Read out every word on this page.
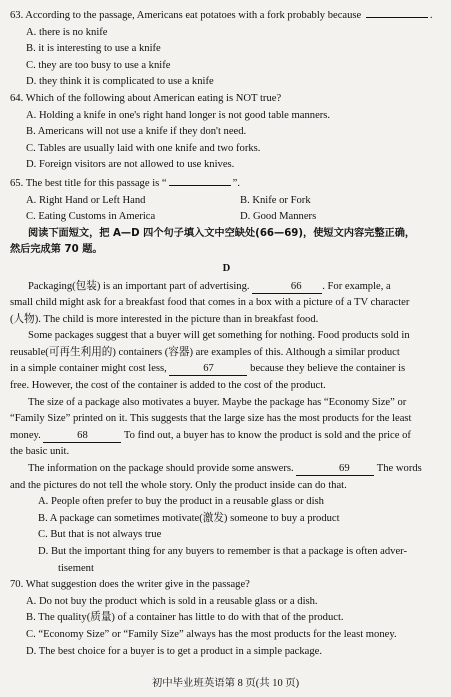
63. According to the passage, Americans eat potatoes with a fork probably because	.
A. there is no knife
B. it is interesting to use a knife
C. they are too busy to use a knife
D. they think it is complicated to use a knife
64. Which of the following about American eating is NOT true?
A. Holding a knife in one's right hand longer is not good table manners.
B. Americans will not use a knife if they don't need.
C. Tables are usually laid with one knife and two forks.
D. Foreign visitors are not allowed to use knives.
65. The best title for this passage is “	”.
A. Right Hand or Left Hand	B. Knife or Fork
C. Eating Customs in America	D. Good Manners
阅读下面短文，把 A—D 四个句子填入文中空缺处(66—69)，使短文内容完整正确，
然后完成第 70 题。
D
Packaging(包装) is an important part of advertising.	66 . For example, a
small child might ask for a breakfast food that comes in a box with a picture of a TV character
(人物). The child is more interested in the picture than in breakfast food.
Some packages suggest that a buyer will get something for nothing. Food products sold in
reusable(可再生利用的) containers (容器) are examples of this. Although a similar product
in a simple container might cost less,	67	because they believe the container is
free. However, the cost of the container is added to the cost of the product.
The size of a package also motivates a buyer. Maybe the package has “Economy Size” or
“Family Size” printed on it. This suggests that the large size has the most products for the least
money.	68	To find out, a buyer has to know the product is sold and the price of
the basic unit.
The information on the package should provide some answers.	69	The words
and the pictures do not tell the whole story. Only the product inside can do that.
A. People often prefer to buy the product in a reusable glass or dish
B. A package can sometimes motivate(激发) someone to buy a product
C. But that is not always true
D. But the important thing for any buyers to remember is that a package is often adver-
tisement
70. What suggestion does the writer give in the passage?
A. Do not buy the product which is sold in a reusable glass or a dish.
B. The quality(质量) of a container has little to do with that of the product.
C. “Economy Size” or “Family Size” always has the most products for the least money.
D. The best choice for a buyer is to get a product in a simple package.
初中毕业班英语第 8 页(共 10 页)
